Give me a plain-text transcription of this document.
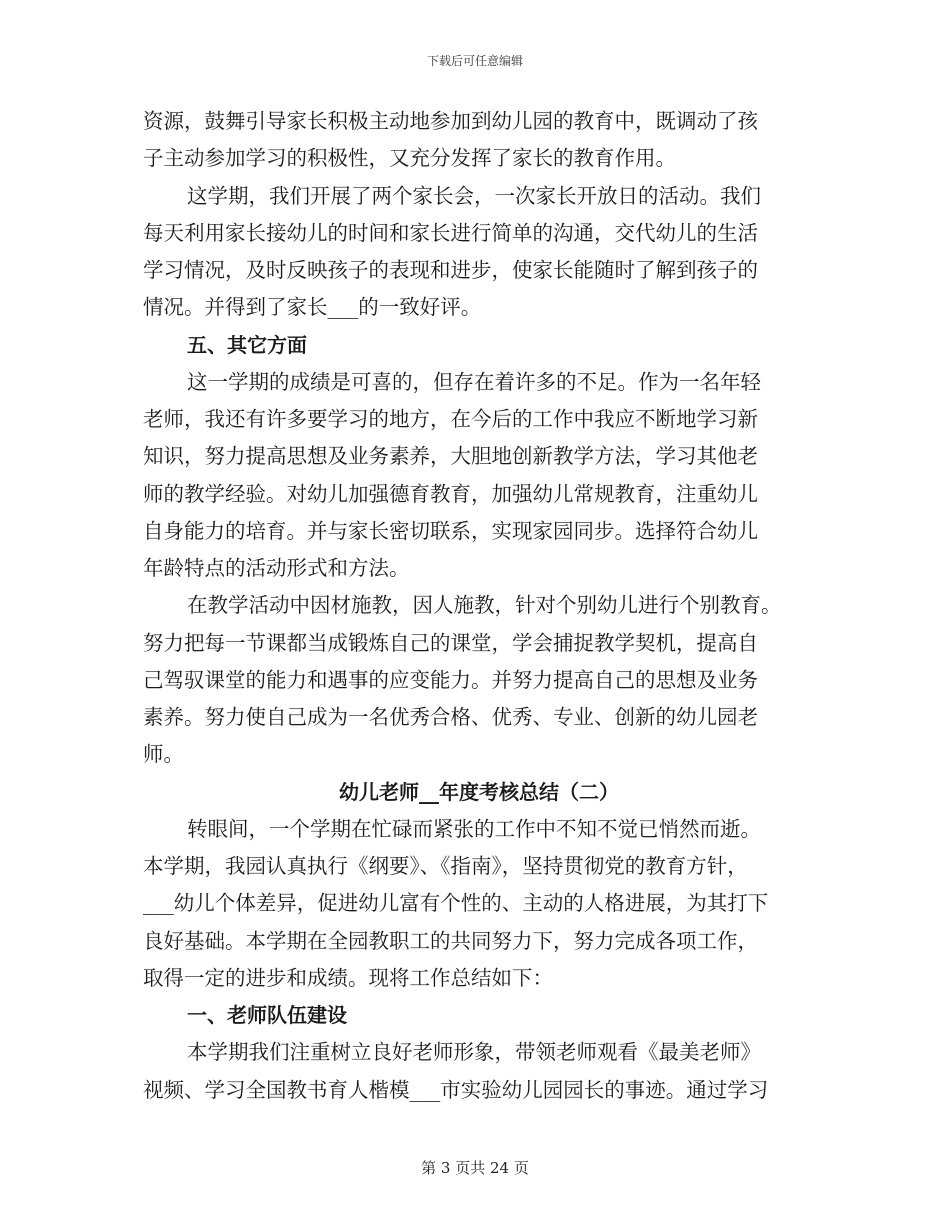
下载后可任意编辑
资源，鼓舞引导家长积极主动地参加到幼儿园的教育中，既调动了孩
子主动参加学习的积极性，又充分发挥了家长的教育作用。
这学期，我们开展了两个家长会，一次家长开放日的活动。我们
每天利用家长接幼儿的时间和家长进行简单的沟通，交代幼儿的生活
学习情况，及时反映孩子的表现和进步，使家长能随时了解到孩子的
情况。并得到了家长___的一致好评。
五、其它方面
这一学期的成绩是可喜的，但存在着许多的不足。作为一名年轻
老师，我还有许多要学习的地方，在今后的工作中我应不断地学习新
知识，努力提高思想及业务素养，大胆地创新教学方法，学习其他老
师的教学经验。对幼儿加强德育教育，加强幼儿常规教育，注重幼儿
自身能力的培育。并与家长密切联系，实现家园同步。选择符合幼儿
年龄特点的活动形式和方法。
在教学活动中因材施教，因人施教，针对个别幼儿进行个别教育。
努力把每一节课都当成锻炼自己的课堂，学会捕捉教学契机，提高自
己驾驭课堂的能力和遇事的应变能力。并努力提高自己的思想及业务
素养。努力使自己成为一名优秀合格、优秀、专业、创新的幼儿园老
师。
幼儿老师__年度考核总结（二）
转眼间，一个学期在忙碌而紧张的工作中不知不觉已悄然而逝。
本学期，我园认真执行《纲要》、《指南》，坚持贯彻党的教育方针，
___幼儿个体差异，促进幼儿富有个性的、主动的人格进展，为其打下
良好基础。本学期在全园教职工的共同努力下，努力完成各项工作，
取得一定的进步和成绩。现将工作总结如下：
一、老师队伍建设
本学期我们注重树立良好老师形象，带领老师观看《最美老师》
视频、学习全国教书育人楷模___市实验幼儿园园长的事迹。通过学习
第 3 页共 24 页
